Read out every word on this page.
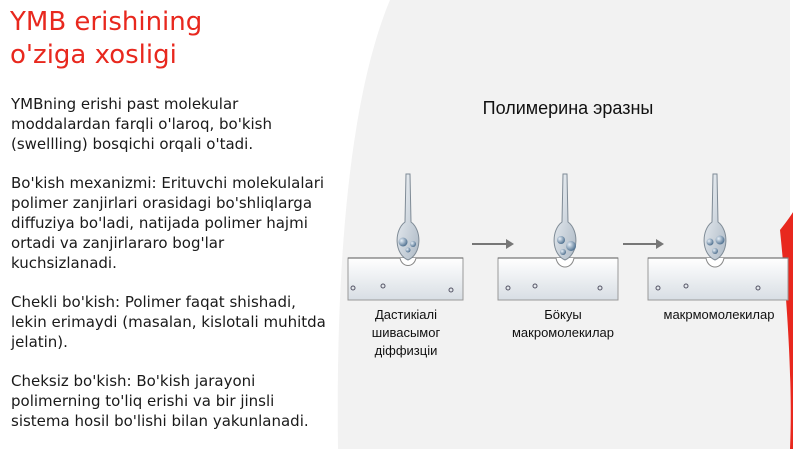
YMB erishining
o'ziga xosligi

YMBning erishi past molekular moddalardan farqli o'laroq, bo'kish (swellling) bosqichi orqali o'tadi.

Bo'kish mexanizmi: Erituvchi molekulalari polimer zanjirlari orasidagi bo'shliqlarga diffuziya bo'ladi, natijada polimer hajmi ortadi va zanjirlararo bog'lar kuchsizlanadi.

Chekli bo'kish: Polimer faqat shishadi, lekin erimaydi (masalan, kislotali muhitda jelatin).

Cheksiz bo'kish: Bo'kish jarayoni polimerning to'liq erishi va bir jinsli sistema hosil bo'lishi bilan yakunlanadi.

Полимерина эразны

Дастикiалi
шивасымог
дiффизцiи

Бöкуы
макромолекилар

макрмомолекилар
